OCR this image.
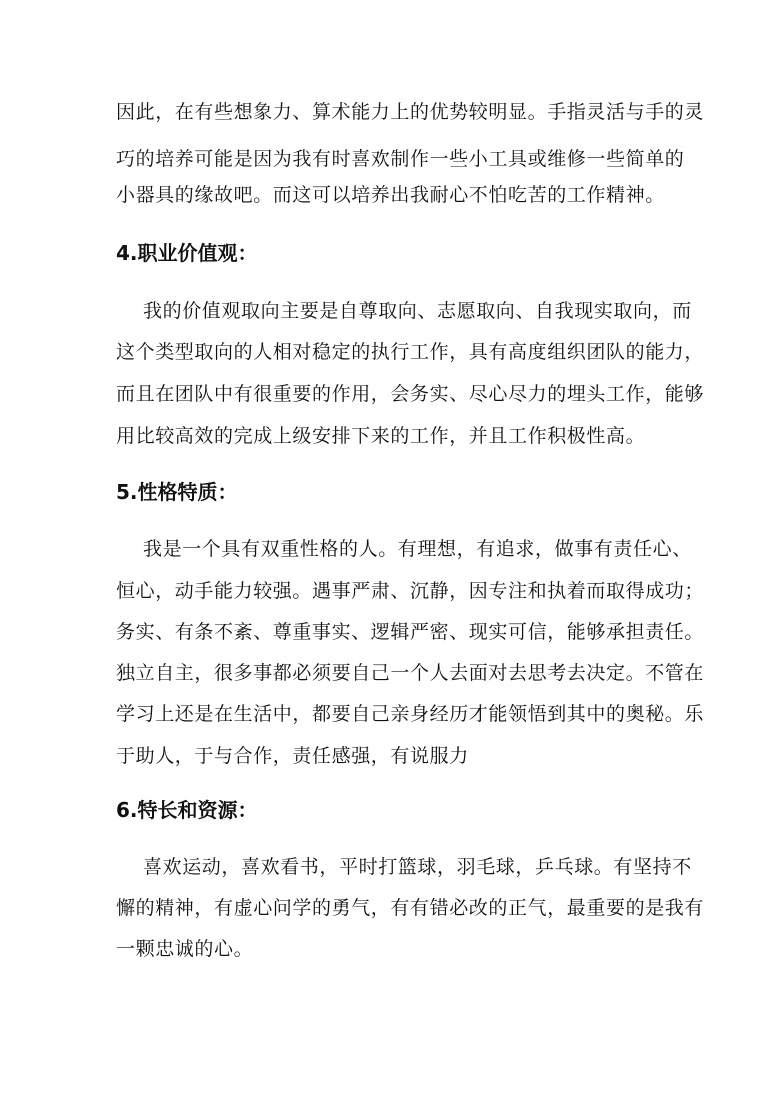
因此，在有些想象力、算术能力上的优势较明显。手指灵活与手的灵
巧的培养可能是因为我有时喜欢制作一些小工具或维修一些简单的
小器具的缘故吧。而这可以培养出我耐心不怕吃苦的工作精神。
4.职业价值观：
我的价值观取向主要是自尊取向、志愿取向、自我现实取向，而
这个类型取向的人相对稳定的执行工作，具有高度组织团队的能力，
而且在团队中有很重要的作用，会务实、尽心尽力的埋头工作，能够
用比较高效的完成上级安排下来的工作，并且工作积极性高。
5.性格特质：
我是一个具有双重性格的人。有理想，有追求，做事有责任心、
恒心，动手能力较强。遇事严肃、沉静，因专注和执着而取得成功；
务实、有条不紊、尊重事实、逻辑严密、现实可信，能够承担责任。
独立自主，很多事都必须要自己一个人去面对去思考去决定。不管在
学习上还是在生活中，都要自己亲身经历才能领悟到其中的奥秘。乐
于助人，于与合作，责任感强，有说服力
6.特长和资源：
喜欢运动，喜欢看书，平时打篮球，羽毛球，乒乓球。有坚持不
懈的精神，有虚心问学的勇气，有有错必改的正气，最重要的是我有
一颗忠诚的心。
